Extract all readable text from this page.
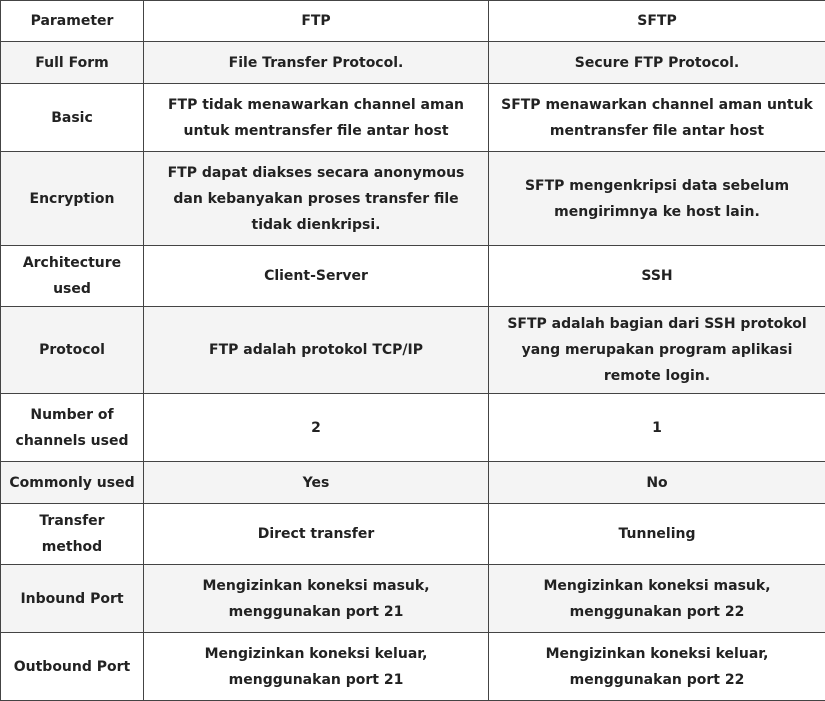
Parameter	FTP	SFTP
Full Form	File Transfer Protocol.	Secure FTP Protocol.
Basic	FTP tidak menawarkan channel aman untuk mentransfer file antar host	SFTP menawarkan channel aman untuk mentransfer file antar host
Encryption	FTP dapat diakses secara anonymous dan kebanyakan proses transfer file tidak dienkripsi.	SFTP mengenkripsi data sebelum mengirimnya ke host lain.
Architecture used	Client-Server	SSH
Protocol	FTP adalah protokol TCP/IP	SFTP adalah bagian dari SSH protokol yang merupakan program aplikasi remote login.
Number of channels used	2	1
Commonly used	Yes	No
Transfer method	Direct transfer	Tunneling
Inbound Port	Mengizinkan koneksi masuk, menggunakan port 21	Mengizinkan koneksi masuk, menggunakan port 22
Outbound Port	Mengizinkan koneksi keluar, menggunakan port 21	Mengizinkan koneksi keluar, menggunakan port 22
